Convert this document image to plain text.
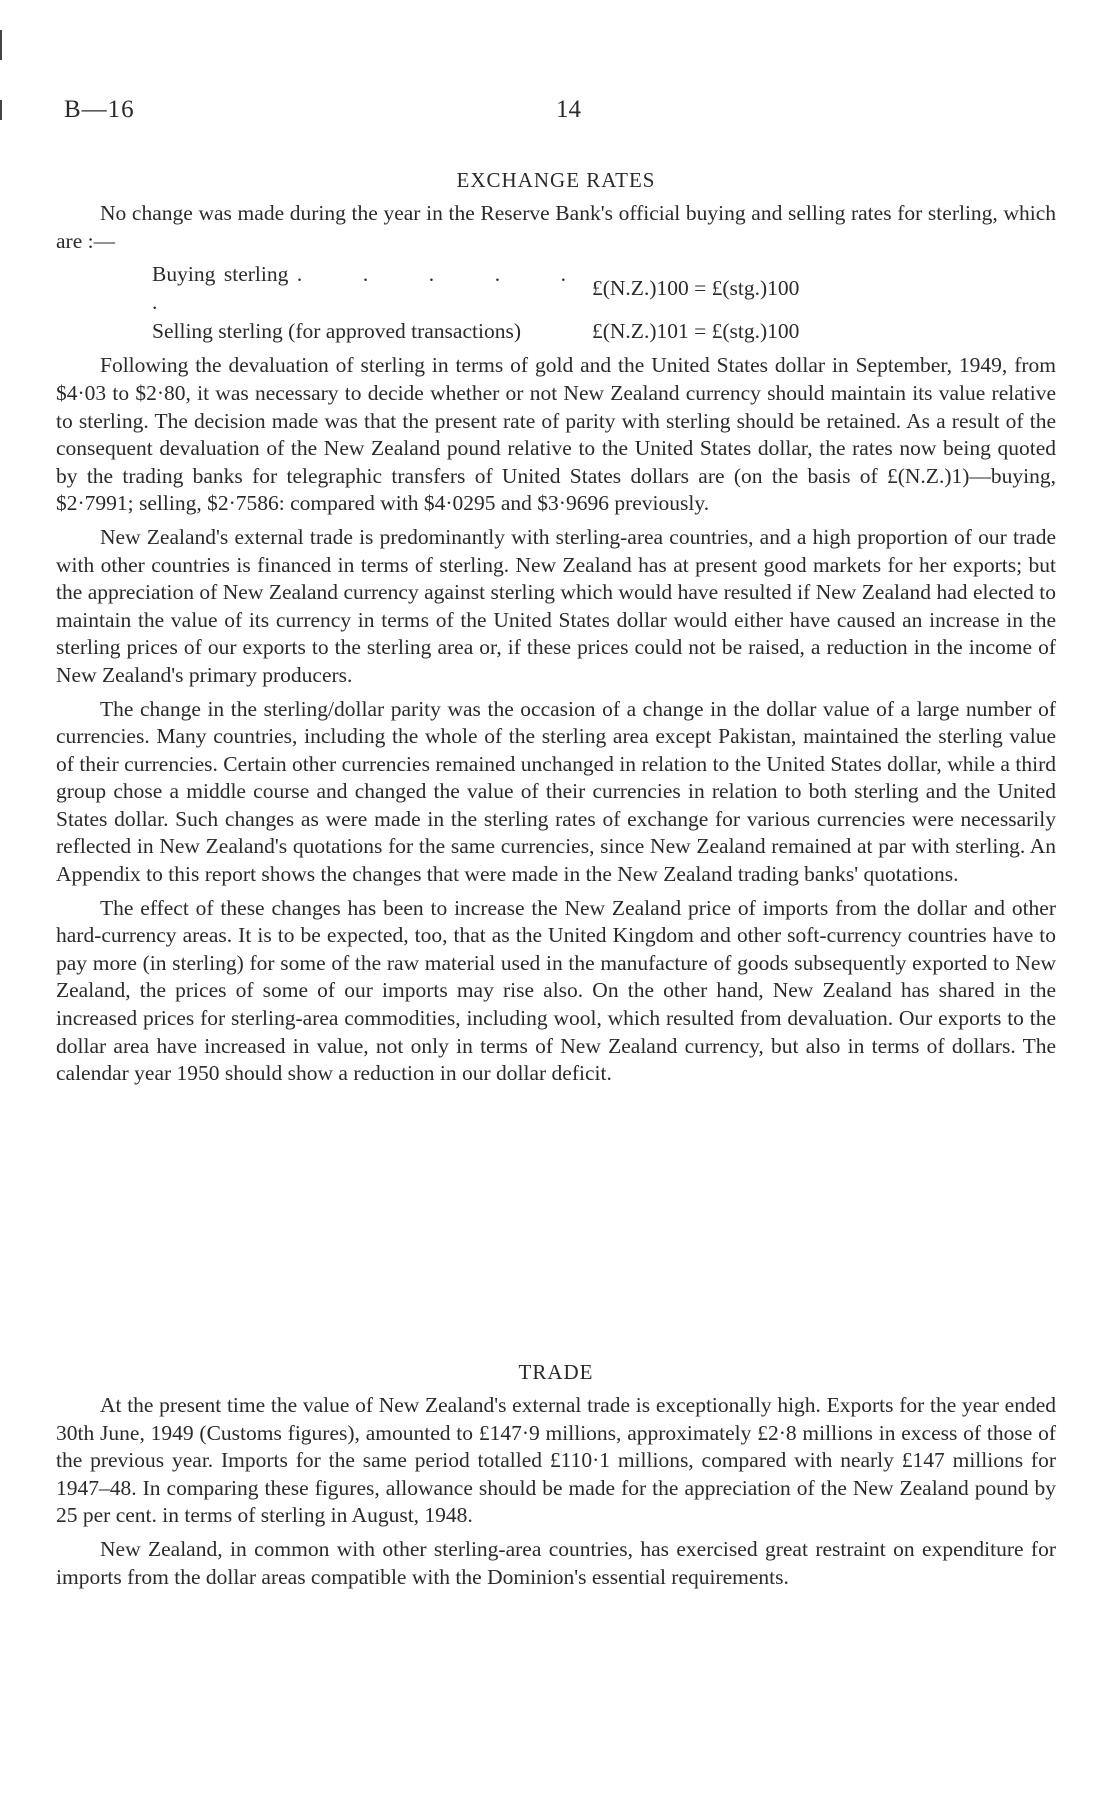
B—16	14
EXCHANGE RATES

No change was made during the year in the Reserve Bank's official buying and selling rates for sterling, which are :—

Buying sterling . . . . . .	£(N.Z.)100 = £(stg.)100
Selling sterling (for approved transactions)	£(N.Z.)101 = £(stg.)100

Following the devaluation of sterling in terms of gold and the United States dollar in September, 1949, from $4·03 to $2·80, it was necessary to decide whether or not New Zealand currency should maintain its value relative to sterling. The decision made was that the present rate of parity with sterling should be retained. As a result of the consequent devaluation of the New Zealand pound relative to the United States dollar, the rates now being quoted by the trading banks for telegraphic transfers of United States dollars are (on the basis of £(N.Z.)1)—buying, $2·7991; selling, $2·7586: compared with $4·0295 and $3·9696 previously.

New Zealand's external trade is predominantly with sterling-area countries, and a high proportion of our trade with other countries is financed in terms of sterling. New Zealand has at present good markets for her exports; but the appreciation of New Zealand currency against sterling which would have resulted if New Zealand had elected to maintain the value of its currency in terms of the United States dollar would either have caused an increase in the sterling prices of our exports to the sterling area or, if these prices could not be raised, a reduction in the income of New Zealand's primary producers.

The change in the sterling/dollar parity was the occasion of a change in the dollar value of a large number of currencies. Many countries, including the whole of the sterling area except Pakistan, maintained the sterling value of their currencies. Certain other currencies remained unchanged in relation to the United States dollar, while a third group chose a middle course and changed the value of their currencies in relation to both sterling and the United States dollar. Such changes as were made in the sterling rates of exchange for various currencies were necessarily reflected in New Zealand's quotations for the same currencies, since New Zealand remained at par with sterling. An Appendix to this report shows the changes that were made in the New Zealand trading banks' quotations.

The effect of these changes has been to increase the New Zealand price of imports from the dollar and other hard-currency areas. It is to be expected, too, that as the United Kingdom and other soft-currency countries have to pay more (in sterling) for some of the raw material used in the manufacture of goods subsequently exported to New Zealand, the prices of some of our imports may rise also. On the other hand, New Zealand has shared in the increased prices for sterling-area commodities, including wool, which resulted from devaluation. Our exports to the dollar area have increased in value, not only in terms of New Zealand currency, but also in terms of dollars. The calendar year 1950 should show a reduction in our dollar deficit.

TRADE

At the present time the value of New Zealand's external trade is exceptionally high. Exports for the year ended 30th June, 1949 (Customs figures), amounted to £147·9 millions, approximately £2·8 millions in excess of those of the previous year. Imports for the same period totalled £110·1 millions, compared with nearly £147 millions for 1947–48. In comparing these figures, allowance should be made for the appreciation of the New Zealand pound by 25 per cent. in terms of sterling in August, 1948.

New Zealand, in common with other sterling-area countries, has exercised great restraint on expenditure for imports from the dollar areas compatible with the Dominion's essential requirements.
